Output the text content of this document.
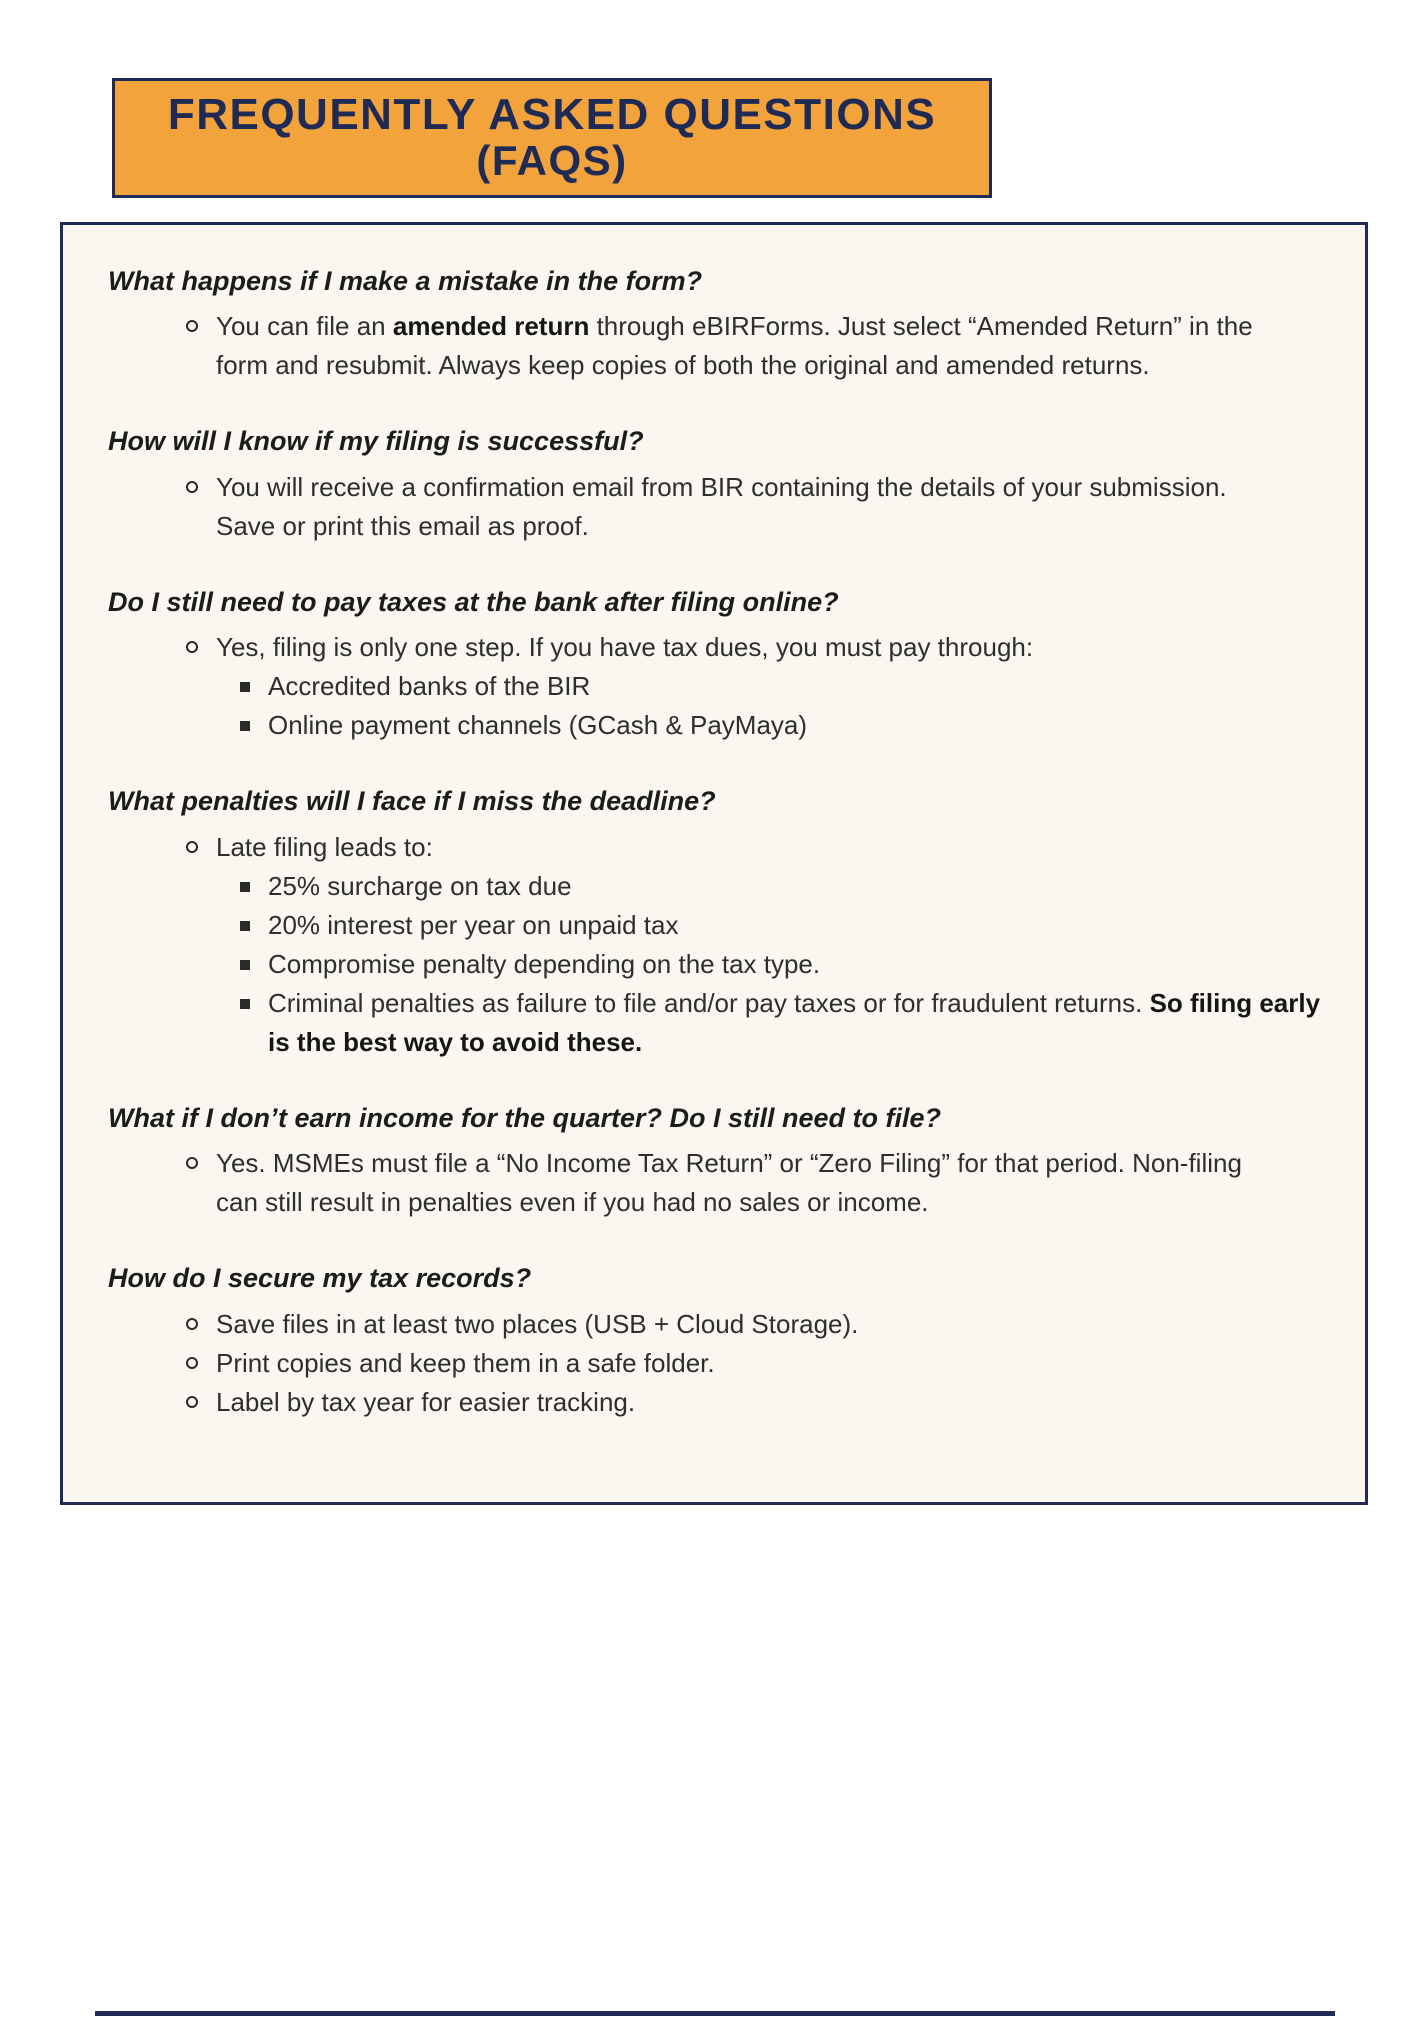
FREQUENTLY ASKED QUESTIONS
(FAQS)
What happens if I make a mistake in the form?

You can file an amended return through eBIRForms. Just select “Amended Return” in the form and resubmit. Always keep copies of both the original and amended returns.

How will I know if my filing is successful?

You will receive a confirmation email from BIR containing the details of your submission. Save or print this email as proof.

Do I still need to pay taxes at the bank after filing online?

Yes, filing is only one step. If you have tax dues, you must pay through:

Accredited banks of the BIR

Online payment channels (GCash & PayMaya)

What penalties will I face if I miss the deadline?

Late filing leads to:

25% surcharge on tax due

20% interest per year on unpaid tax

Compromise penalty depending on the tax type.

Criminal penalties as failure to file and/or pay taxes or for fraudulent returns. So filing early is the best way to avoid these.

What if I don’t earn income for the quarter? Do I still need to file?

Yes. MSMEs must file a “No Income Tax Return” or “Zero Filing” for that period. Non-filing can still result in penalties even if you had no sales or income.

How do I secure my tax records?

Save files in at least two places (USB + Cloud Storage).

Print copies and keep them in a safe folder.

Label by tax year for easier tracking.
